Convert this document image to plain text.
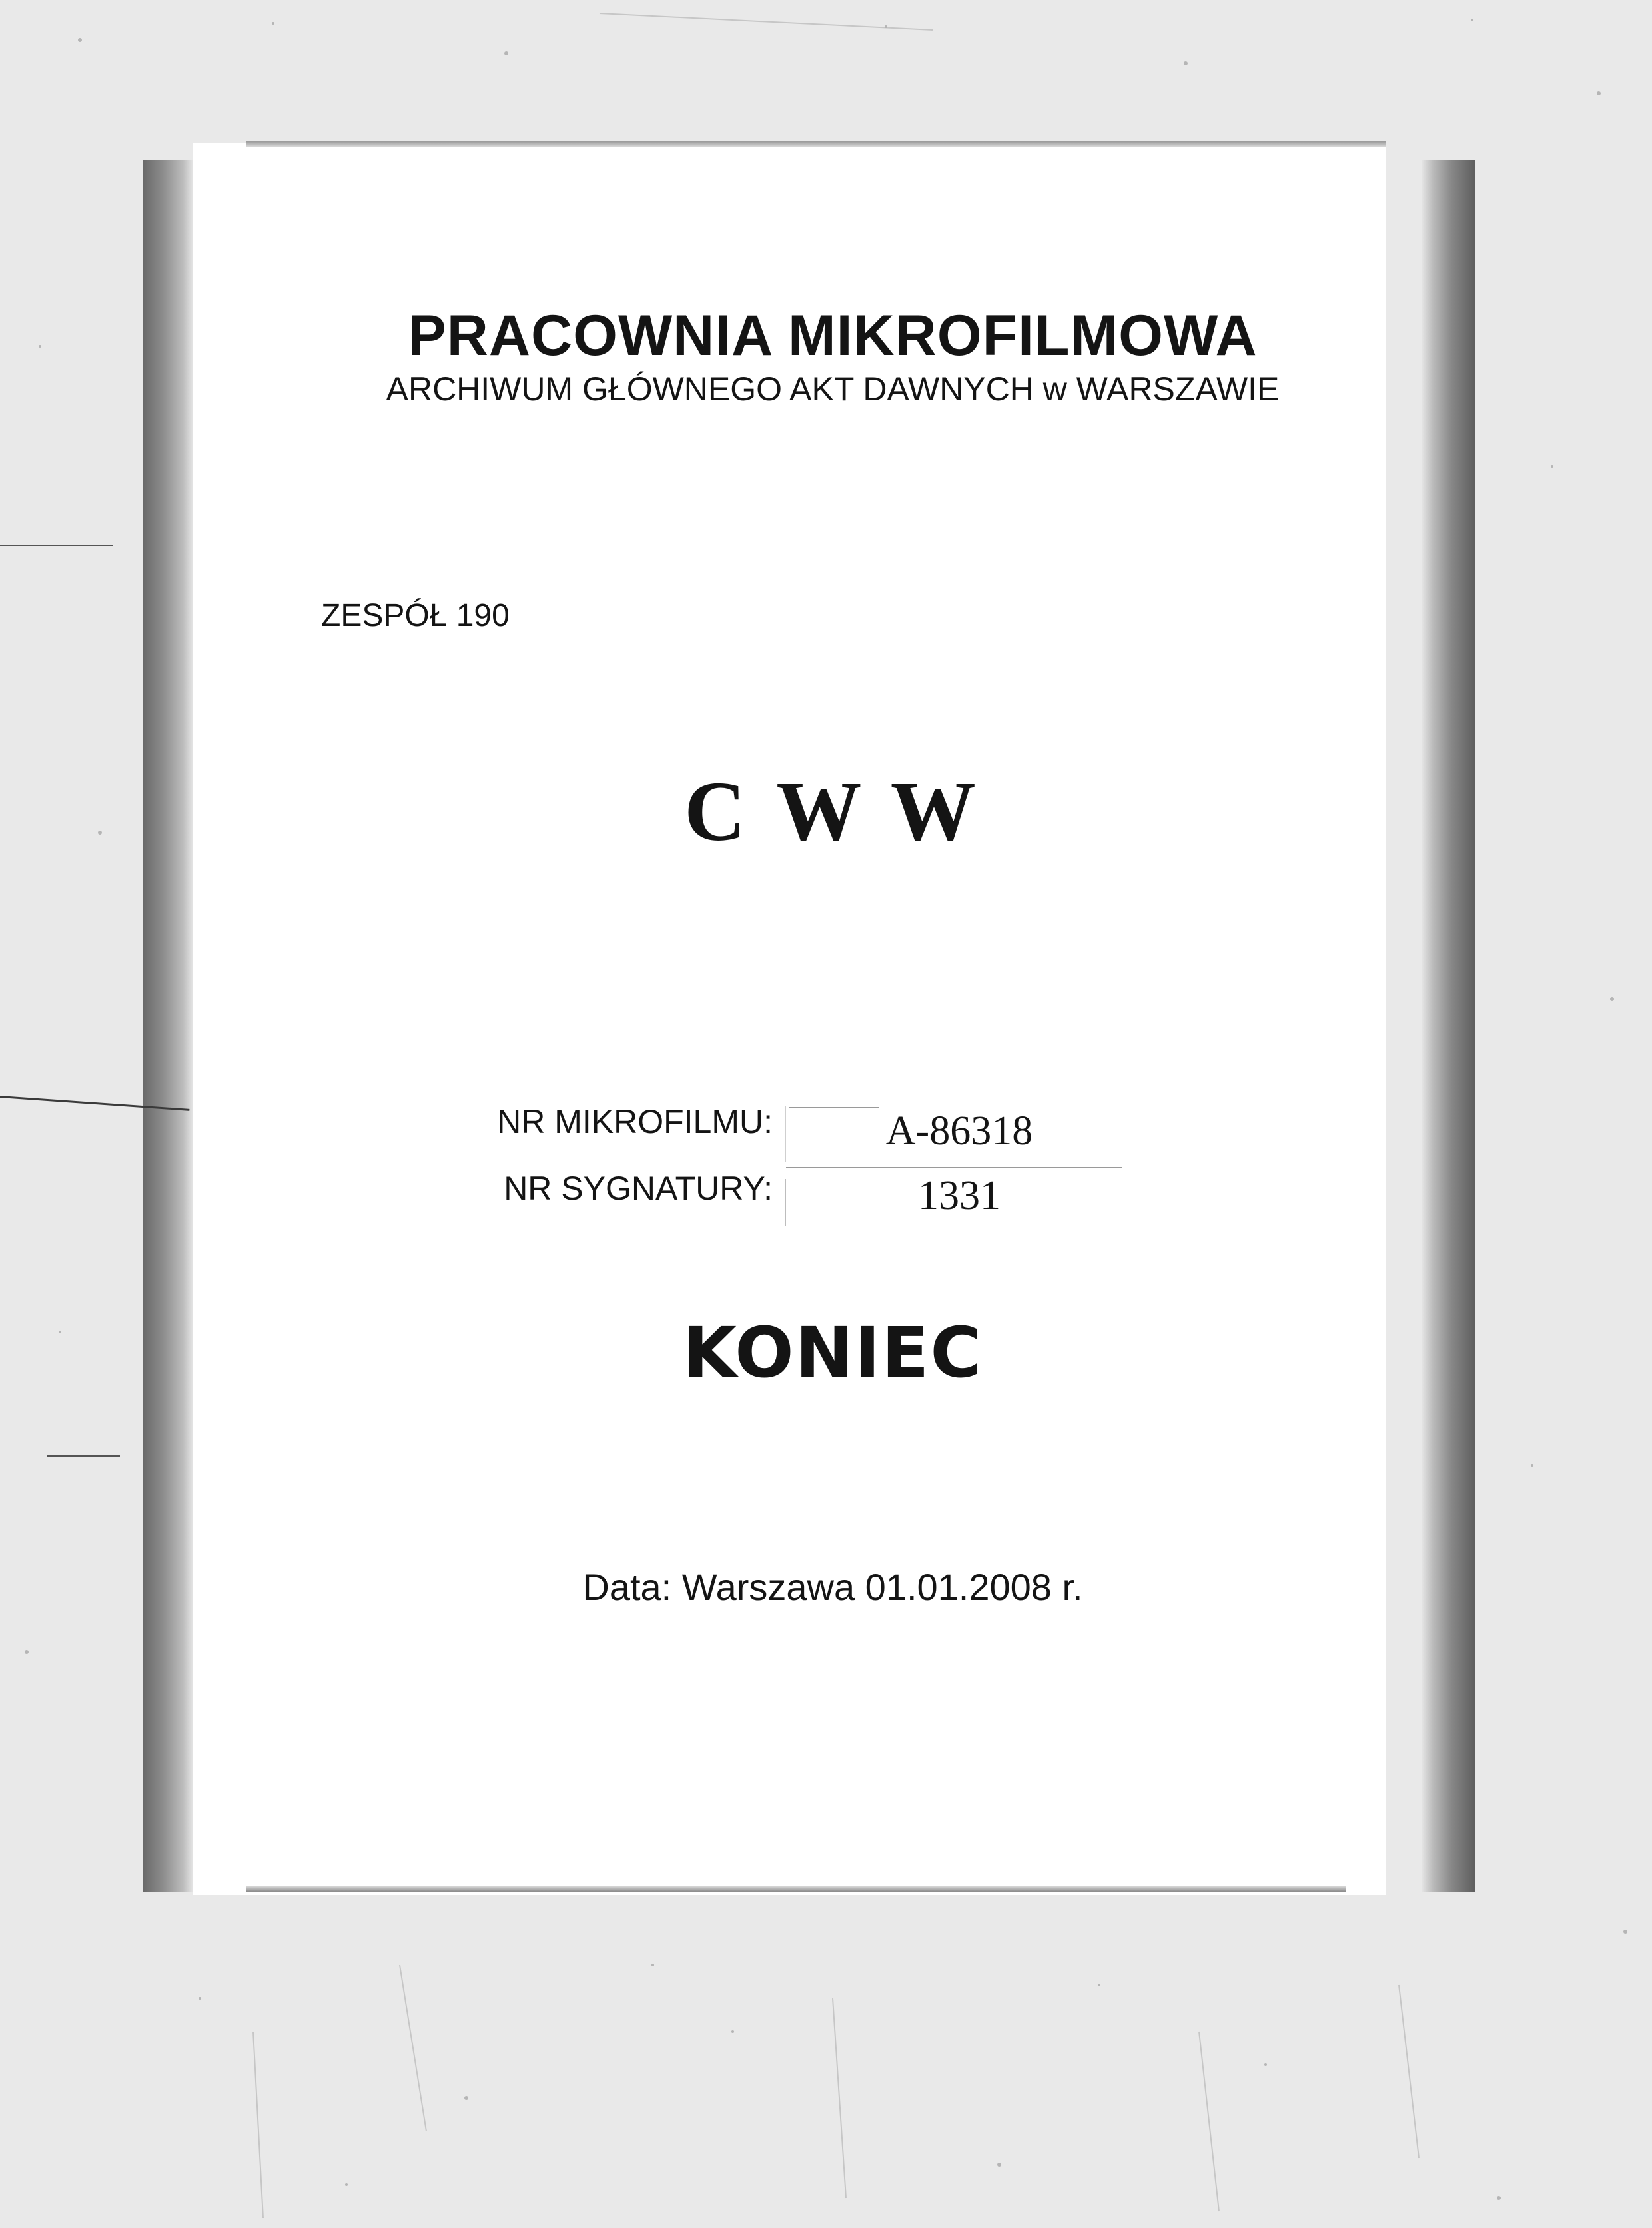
PRACOWNIA MIKROFILMOWA
ARCHIWUM GŁÓWNEGO AKT DAWNYCH w WARSZAWIE
ZESPÓŁ 190
C W W
NR MIKROFILMU:	A-86318
NR SYGNATURY:	1331
KONIEC
Data: Warszawa 01.01.2008 r.
